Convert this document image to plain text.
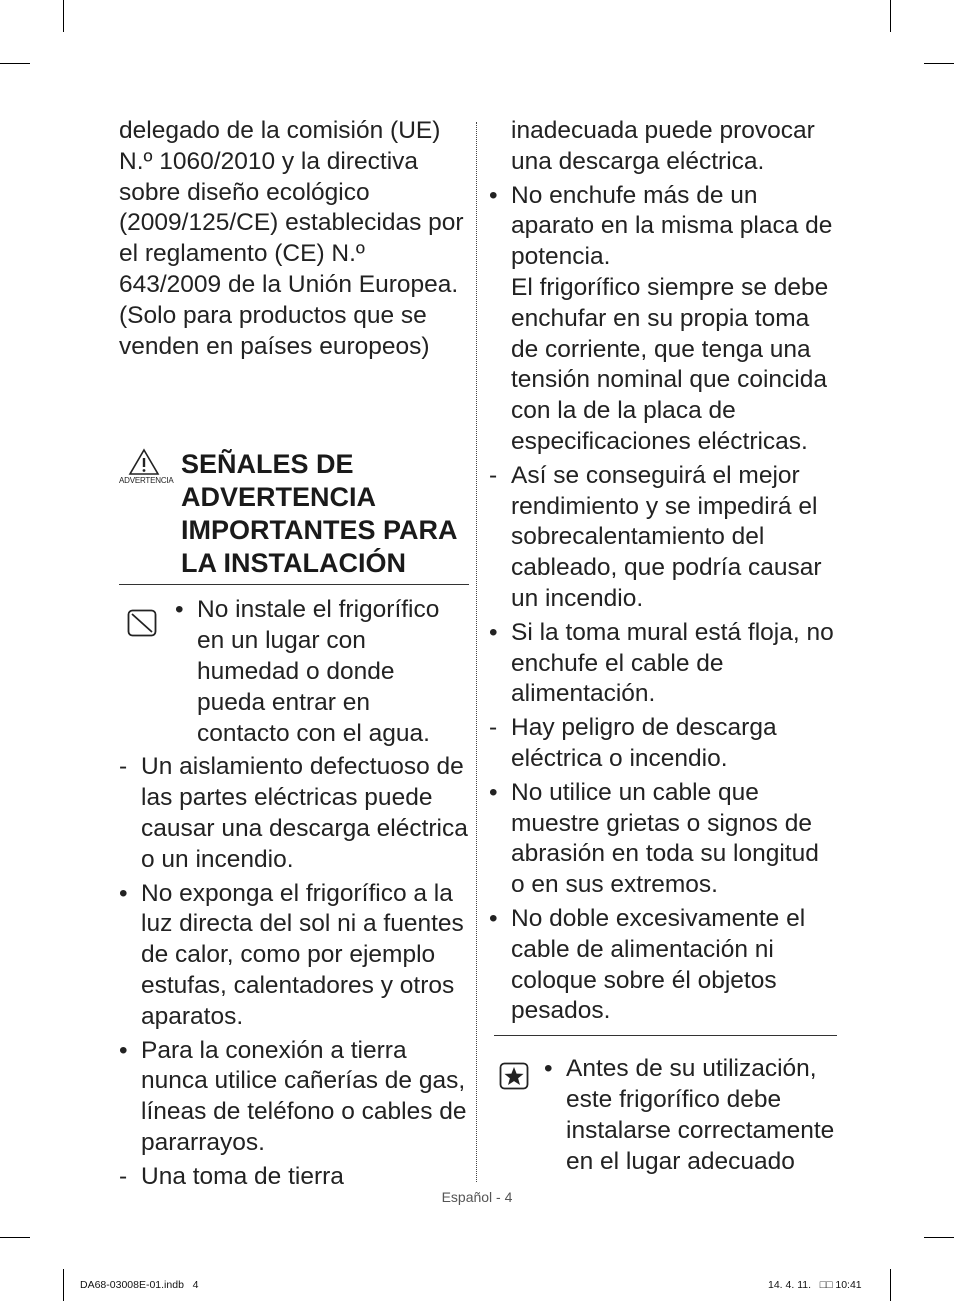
delegado de la comisión (UE) N.º 1060/2010 y la directiva sobre diseño ecológico (2009/125/CE) establecidas por el reglamento (CE) N.º 643/2009 de la Unión Europea. (Solo para productos que se venden en países europeos)

ADVERTENCIA
SEÑALES DE ADVERTENCIA IMPORTANTES PARA LA INSTALACIÓN
• No instale el frigorífico en un lugar con humedad o donde pueda entrar en contacto con el agua.
- Un aislamiento defectuoso de las partes eléctricas puede causar una descarga eléctrica o un incendio.
• No exponga el frigorífico a la luz directa del sol ni a fuentes de calor, como por ejemplo estufas, calentadores y otros aparatos.
• Para la conexión a tierra nunca utilice cañerías de gas, líneas de teléfono o cables de pararrayos.
- Una toma de tierra
inadecuada puede provocar una descarga eléctrica.
• No enchufe más de un aparato en la misma placa de potencia.
El frigorífico siempre se debe enchufar en su propia toma de corriente, que tenga una tensión nominal que coincida con la de la placa de especificaciones eléctricas.
- Así se conseguirá el mejor rendimiento y se impedirá el sobrecalentamiento del cableado, que podría causar un incendio.
• Si la toma mural está floja, no enchufe el cable de alimentación.
- Hay peligro de descarga eléctrica o incendio.
• No utilice un cable que muestre grietas o signos de abrasión en toda su longitud o en sus extremos.
• No doble excesivamente el cable de alimentación ni coloque sobre él objetos pesados.
• Antes de su utilización, este frigorífico debe instalarse correctamente en el lugar adecuado
Español - 4
DA68-03008E-01.indb   4	14. 4. 11.   □□ 10:41
